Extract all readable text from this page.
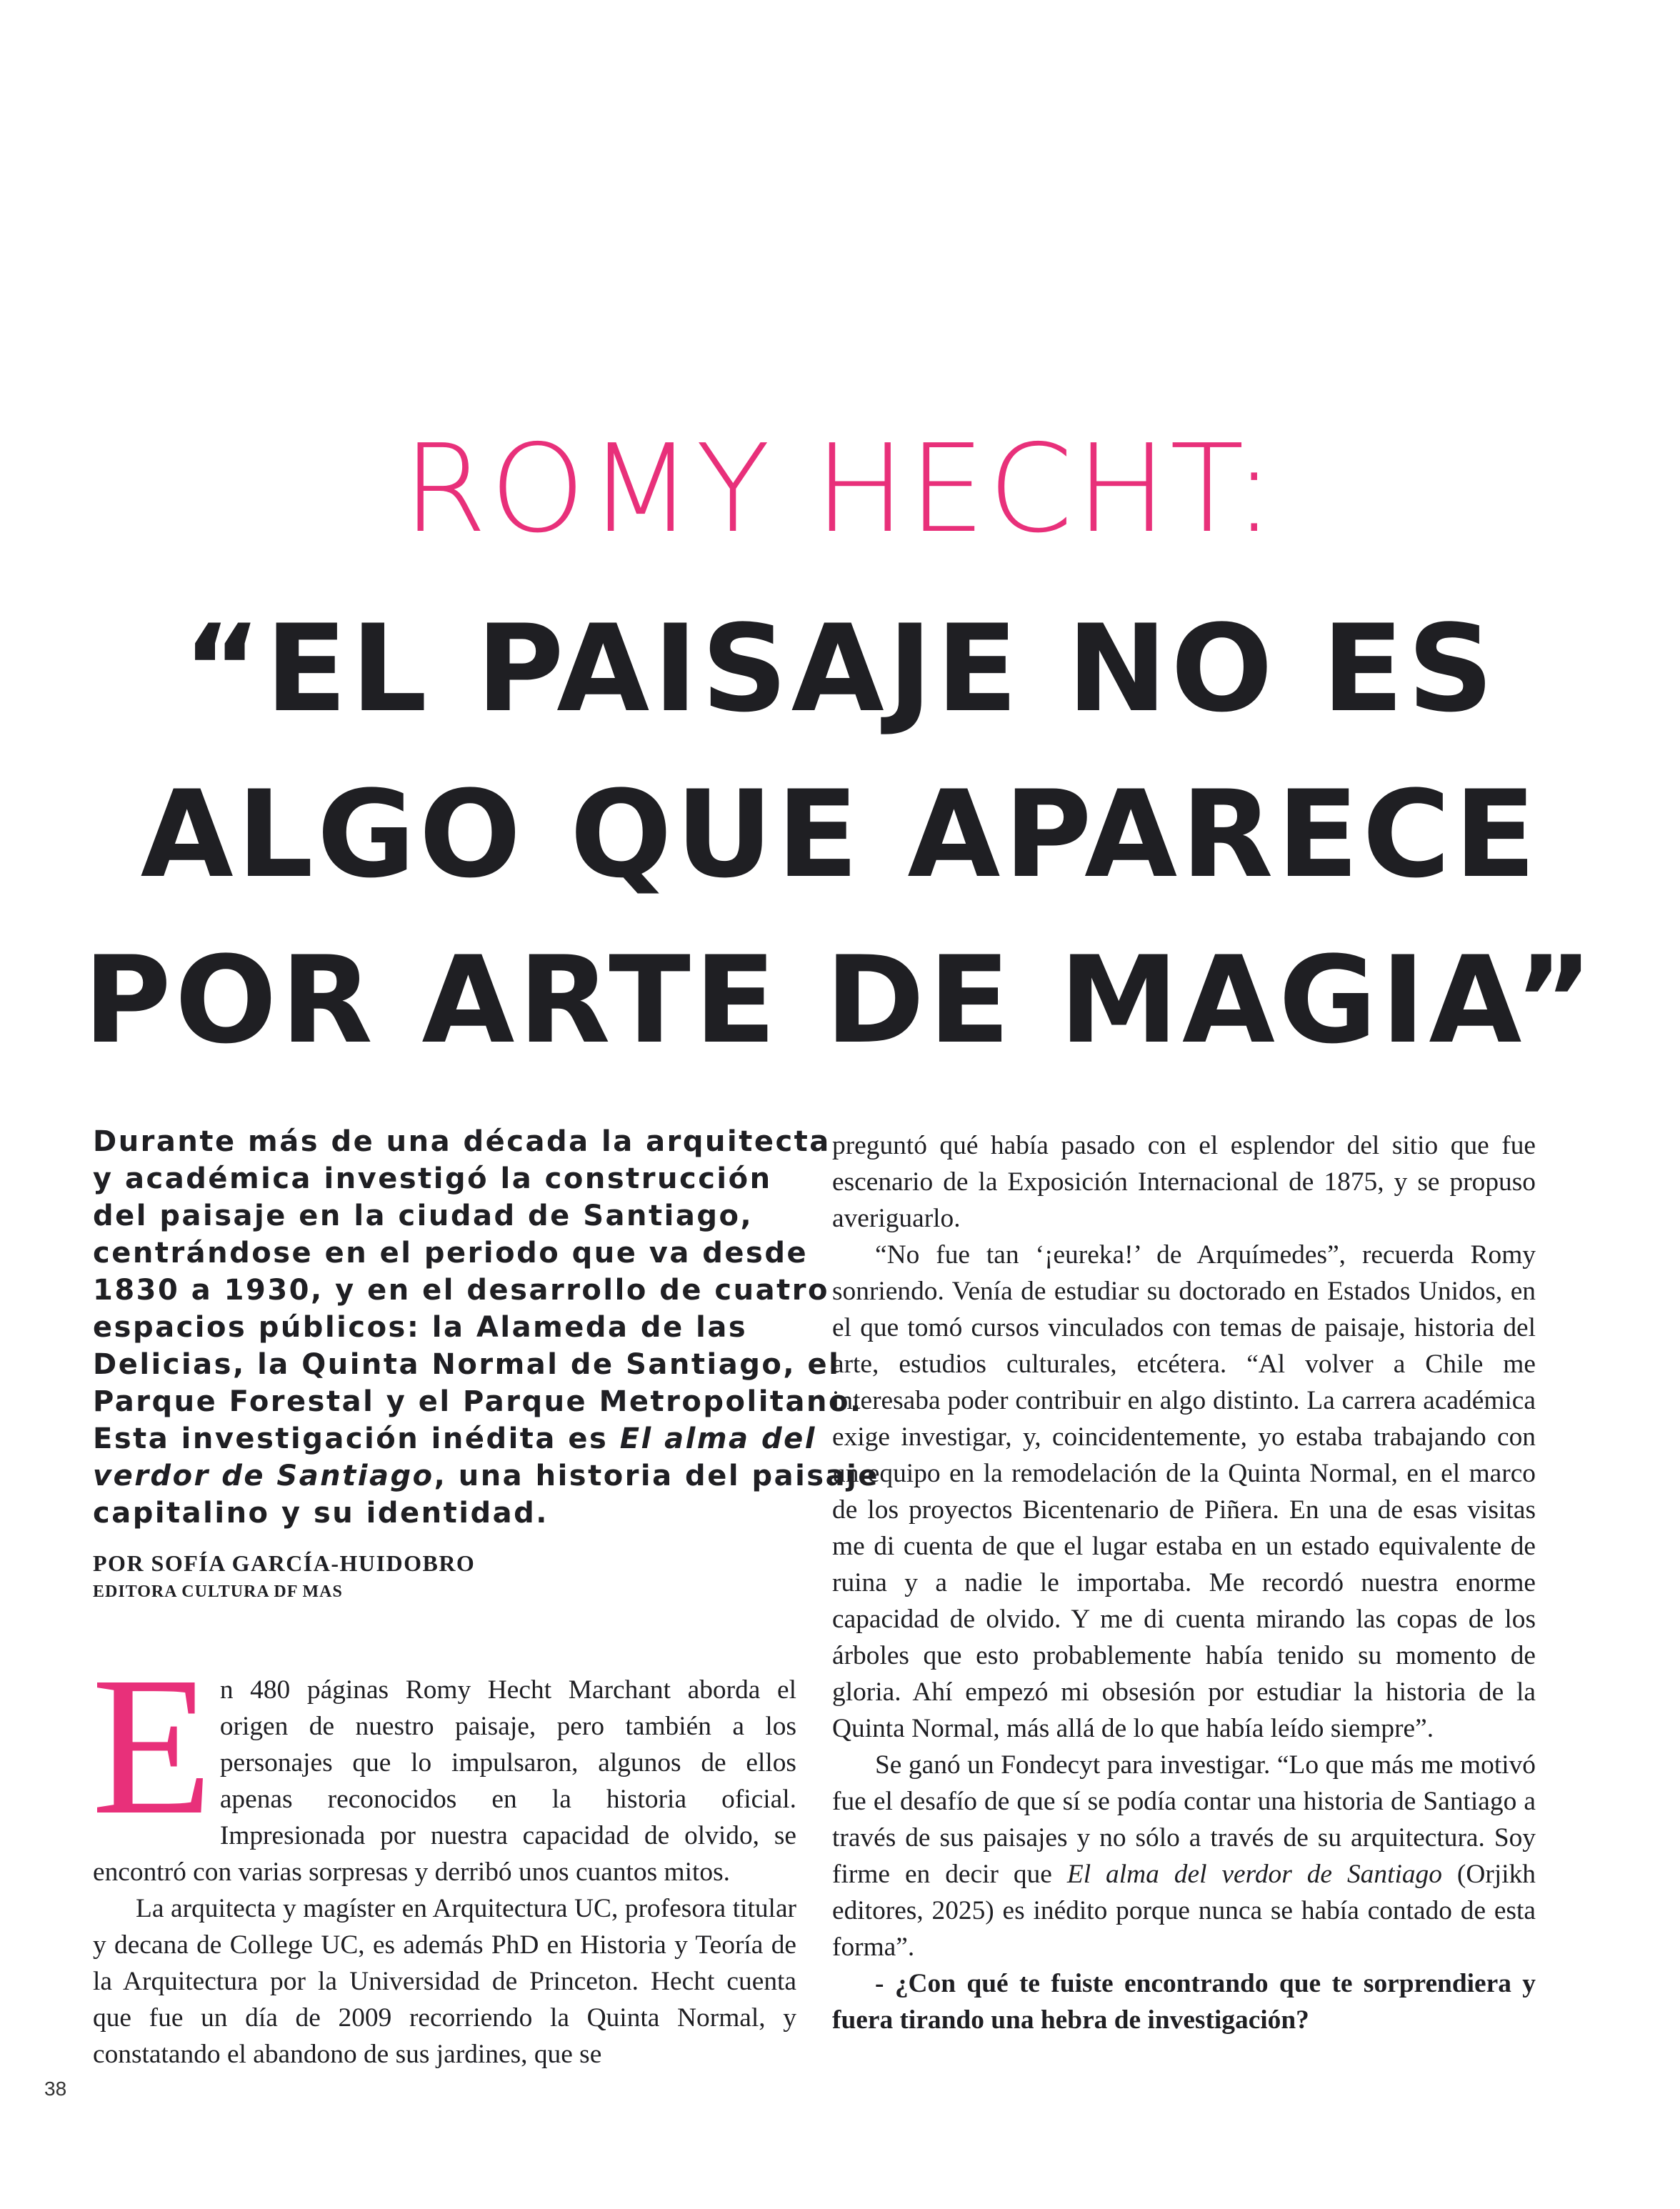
ROMY HECHT:
“EL PAISAJE NO ES
ALGO QUE APARECE
POR ARTE DE MAGIA”
Durante más de una década la arquitecta
y académica investigó la construcción
del paisaje en la ciudad de Santiago,
centrándose en el periodo que va desde
1830 a 1930, y en el desarrollo de cuatro
espacios públicos: la Alameda de las
Delicias, la Quinta Normal de Santiago, el
Parque Forestal y el Parque Metropolitano.
Esta investigación inédita es El alma del
verdor de Santiago, una historia del paisaje
capitalino y su identidad.
POR SOFÍA GARCÍA-HUIDOBRO
EDITORA CULTURA DF MAS

En 480 páginas Romy Hecht Marchant aborda el origen de nuestro paisaje, pero también a los personajes que lo impulsaron, algunos de ellos apenas reconocidos en la historia oficial. Impresionada por nuestra capacidad de olvido, se encontró con varias sorpresas y derribó unos cuantos mitos.

La arquitecta y magíster en Arquitectura UC, profesora titular y decana de College UC, es además PhD en Historia y Teoría de la Arquitectura por la Universidad de Princeton. Hecht cuenta que fue un día de 2009 recorriendo la Quinta Normal, y constatando el abandono de sus jardines, que se

preguntó qué había pasado con el esplendor del sitio que fue escenario de la Exposición Internacional de 1875, y se propuso averiguarlo.

“No fue tan ‘¡eureka!’ de Arquímedes”, recuerda Romy sonriendo. Venía de estudiar su doctorado en Estados Unidos, en el que tomó cursos vinculados con temas de paisaje, historia del arte, estudios culturales, etcétera. “Al volver a Chile me interesaba poder contribuir en algo distinto. La carrera académica exige investigar, y, coincidentemente, yo estaba trabajando con un equipo en la remodelación de la Quinta Normal, en el marco de los proyectos Bicentenario de Piñera. En una de esas visitas me di cuenta de que el lugar estaba en un estado equivalente de ruina y a nadie le importaba. Me recordó nuestra enorme capacidad de olvido. Y me di cuenta mirando las copas de los árboles que esto probablemente había tenido su momento de gloria. Ahí empezó mi obsesión por estudiar la historia de la Quinta Normal, más allá de lo que había leído siempre”.

Se ganó un Fondecyt para investigar. “Lo que más me motivó fue el desafío de que sí se podía contar una historia de Santiago a través de sus paisajes y no sólo a través de su arquitectura. Soy firme en decir que El alma del verdor de Santiago (Orjikh editores, 2025) es inédito porque nunca se había contado de esta forma”.

- ¿Con qué te fuiste encontrando que te sorprendiera y fuera tirando una hebra de investigación?

38
